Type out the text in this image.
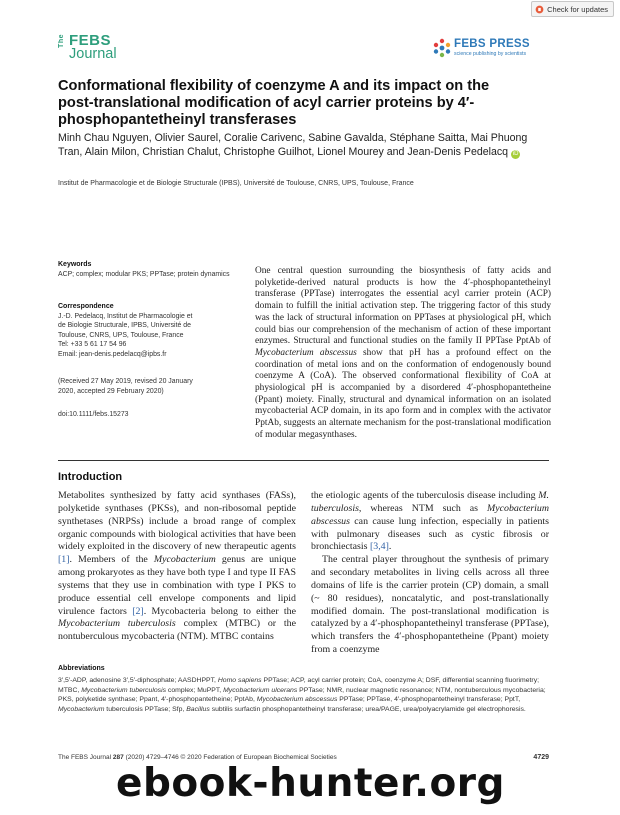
Check for updates
The FEBS
Journal
FEBS PRESS
science publishing by scientists
Conformational flexibility of coenzyme A and its impact on the post-translational modification of acyl carrier proteins by 4′-phosphopantetheinyl transferases
Minh Chau Nguyen, Olivier Saurel, Coralie Carivenc, Sabine Gavalda, Stéphane Saitta, Mai Phuong Tran, Alain Milon, Christian Chalut, Christophe Guilhot, Lionel Mourey and Jean-Denis Pedelacq iD
Institut de Pharmacologie et de Biologie Structurale (IPBS), Université de Toulouse, CNRS, UPS, Toulouse, France
Keywords
ACP; complex; modular PKS; PPTase; protein dynamics
Correspondence
J.-D. Pedelacq, Institut de Pharmacologie et
de Biologie Structurale, IPBS, Université de
Toulouse, CNRS, UPS, Toulouse, France
Tel: +33 5 61 17 54 96
Email: jean-denis.pedelacq@ipbs.fr
(Received 27 May 2019, revised 20 January
2020, accepted 29 February 2020)
doi:10.1111/febs.15273

One central question surrounding the biosynthesis of fatty acids and polyketide-derived natural products is how the 4′-phosphopantetheinyl transferase (PPTase) interrogates the essential acyl carrier protein (ACP) domain to fulfill the initial activation step. The triggering factor of this study was the lack of structural information on PPTases at physiological pH, which could bias our comprehension of the mechanism of action of these important enzymes. Structural and functional studies on the family II PPTase PptAb of Mycobacterium abscessus show that pH has a profound effect on the coordination of metal ions and on the conformation of endogenously bound coenzyme A (CoA). The observed conformational flexibility of CoA at physiological pH is accompanied by a disordered 4′-phosphopantetheine (Ppant) moiety. Finally, structural and dynamical information on an isolated mycobacterial ACP domain, in its apo form and in complex with the activator PptAb, suggests an alternate mechanism for the post-translational modification of modular megasynthases.

Introduction

Metabolites synthesized by fatty acid synthases (FASs), polyketide synthases (PKSs), and non-ribosomal peptide synthetases (NRPSs) include a broad range of complex organic compounds with biological activities that have been widely exploited in the discovery of new therapeutic agents [1]. Members of the Mycobacterium genus are unique among prokaryotes as they have both type I and type II FAS systems that they use in combination with type I PKS to produce essential cell envelope components and lipid virulence factors [2]. Mycobacteria belong to either the Mycobacterium tuberculosis complex (MTBC) or the nontuberculous mycobacteria (NTM). MTBC contains

the etiologic agents of the tuberculosis disease including M. tuberculosis, whereas NTM such as Mycobacterium abscessus can cause lung infection, especially in patients with pulmonary diseases such as cystic fibrosis or bronchiectasis [3,4].

The central player throughout the synthesis of primary and secondary metabolites in living cells across all three domains of life is the carrier protein (CP) domain, a small (~ 80 residues), noncatalytic, and post-translationally modified domain. The post-translational modification is catalyzed by a 4′-phosphopantetheinyl transferase (PPTase), which transfers the 4′-phosphopantetheine (Ppant) moiety from a coenzyme

Abbreviations

3′,5′-ADP, adenosine 3′,5′-diphosphate; AASDHPPT, Homo sapiens PPTase; ACP, acyl carrier protein; CoA, coenzyme A; DSF, differential scanning fluorimetry; MTBC, Mycobacterium tuberculosis complex; MuPPT, Mycobacterium ulcerans PPTase; NMR, nuclear magnetic resonance; NTM, nontuberculous mycobacteria; PKS, polyketide synthase; Ppant, 4′-phosphopantetheine; PptAb, Mycobacterium abscessus PPTase; PPTase, 4′-phosphopantetheinyl transferase; PptT, Mycobacterium tuberculosis PPTase; Sfp, Bacillus subtilis surfactin phosphopantetheinyl transferase; urea/PAGE, urea/polyacrylamide gel electrophoresis.

The FEBS Journal 287 (2020) 4729–4746 © 2020 Federation of European Biochemical Societies	4729
ebook-hunter.org
